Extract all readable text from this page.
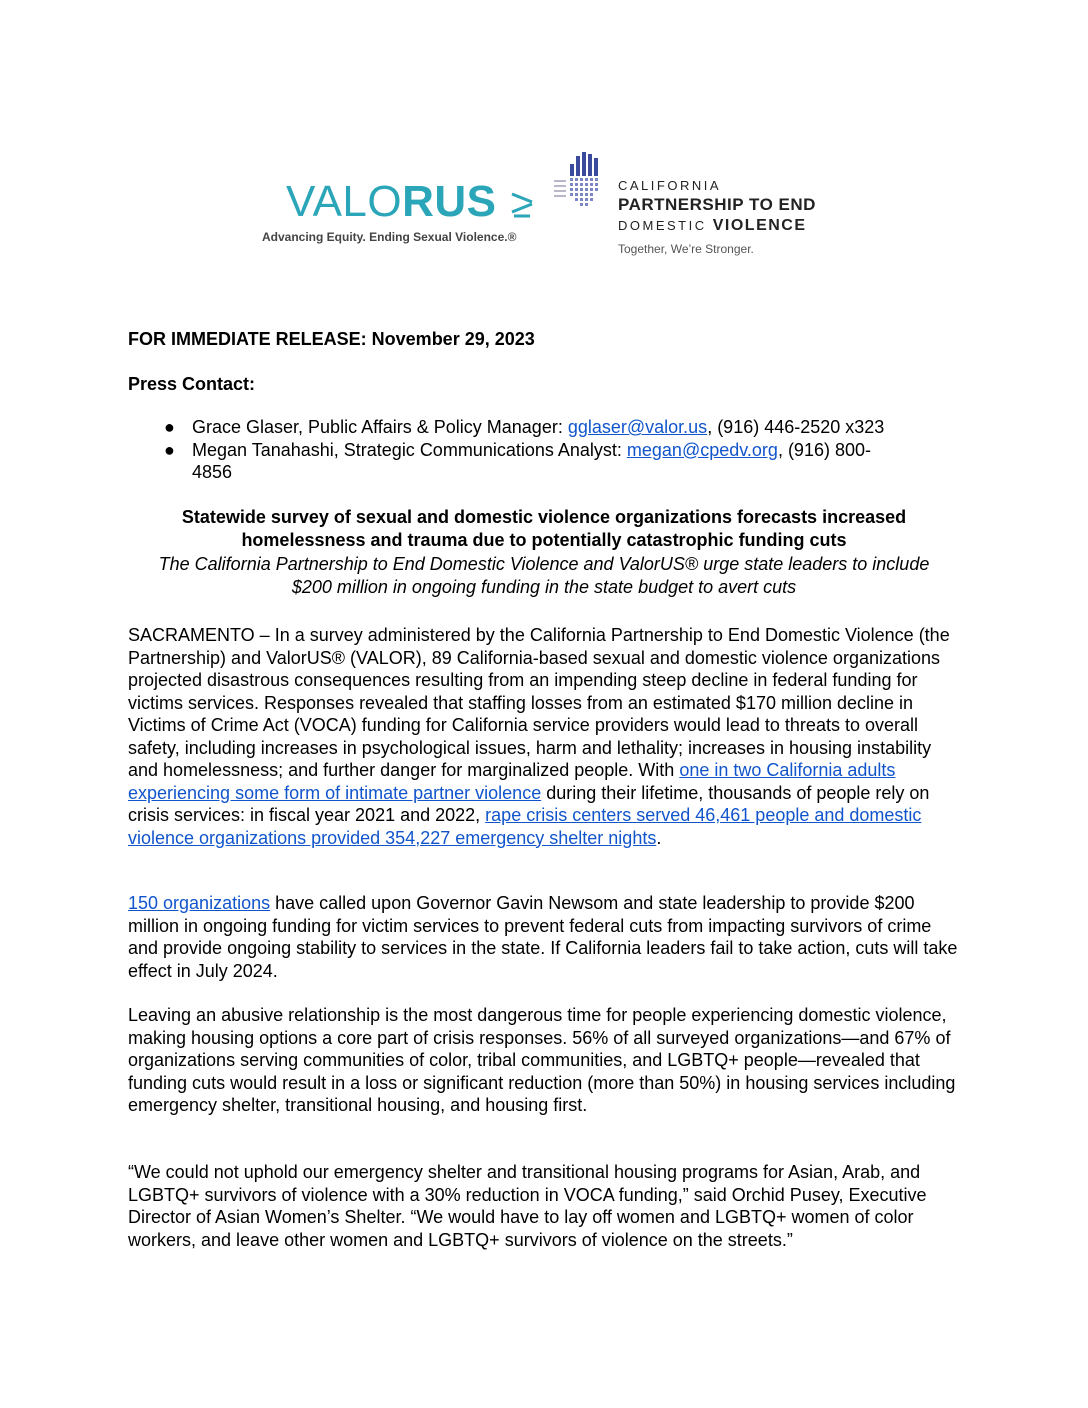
VALORUS
Advancing Equity. Ending Sexual Violence.®
CALIFORNIA
PARTNERSHIP TO END
DOMESTIC VIOLENCE
Together, We’re Stronger.
FOR IMMEDIATE RELEASE: November 29, 2023
Press Contact:
● Grace Glaser, Public Affairs & Policy Manager: gglaser@valor.us, (916) 446-2520 x323
● Megan Tanahashi, Strategic Communications Analyst: megan@cpedv.org, (916) 800-4856
Statewide survey of sexual and domestic violence organizations forecasts increased homelessness and trauma due to potentially catastrophic funding cuts
The California Partnership to End Domestic Violence and ValorUS® urge state leaders to include $200 million in ongoing funding in the state budget to avert cuts
SACRAMENTO – In a survey administered by the California Partnership to End Domestic Violence (the Partnership) and ValorUS® (VALOR), 89 California-based sexual and domestic violence organizations projected disastrous consequences resulting from an impending steep decline in federal funding for victims services. Responses revealed that staffing losses from an estimated $170 million decline in Victims of Crime Act (VOCA) funding for California service providers would lead to threats to overall safety, including increases in psychological issues, harm and lethality; increases in housing instability and homelessness; and further danger for marginalized people. With one in two California adults experiencing some form of intimate partner violence during their lifetime, thousands of people rely on crisis services: in fiscal year 2021 and 2022, rape crisis centers served 46,461 people and domestic violence organizations provided 354,227 emergency shelter nights.
150 organizations have called upon Governor Gavin Newsom and state leadership to provide $200 million in ongoing funding for victim services to prevent federal cuts from impacting survivors of crime and provide ongoing stability to services in the state. If California leaders fail to take action, cuts will take effect in July 2024.
Leaving an abusive relationship is the most dangerous time for people experiencing domestic violence, making housing options a core part of crisis responses. 56% of all surveyed organizations—and 67% of organizations serving communities of color, tribal communities, and LGBTQ+ people—revealed that funding cuts would result in a loss or significant reduction (more than 50%) in housing services including emergency shelter, transitional housing, and housing first.
“We could not uphold our emergency shelter and transitional housing programs for Asian, Arab, and LGBTQ+ survivors of violence with a 30% reduction in VOCA funding,” said Orchid Pusey, Executive Director of Asian Women’s Shelter. “We would have to lay off women and LGBTQ+ women of color workers, and leave other women and LGBTQ+ survivors of violence on the streets.”
